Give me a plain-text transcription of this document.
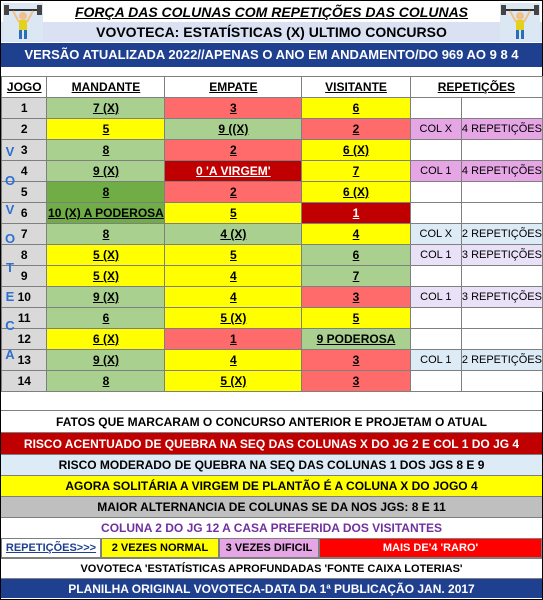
FORÇA DAS COLUNAS COM REPETIÇÕES DAS COLUNAS
VOVOTECA: ESTATÍSTICAS (X) ULTIMO CONCURSO
VERSÃO ATUALIZADA 2022//APENAS O ANO EM ANDAMENTO/DO 969 AO 9 8 4
JOGO	MANDANTE	EMPATE	VISITANTE	REPETIÇÕES	
1	7 (X)	3	6		
2	5	9 ((X)	2	COL X	4 REPETIÇÕES
3	8	2	6 (X)		
4	9 (X)	0 'A VIRGEM'	7	COL 1	4 REPETIÇÕES
5	8	2	6 (X)		
6	10 (X) A PODEROSA	5	1		
7	8	4 (X)	4	COL X	2 REPETIÇÕES
8	5 (X)	5	6	COL 1	3 REPETIÇÕES
9	5 (X)	4	7		
10	9 (X)	4	3	COL 1	3 REPETIÇÕES
11	6	5 (X)	5		
12	6 (X)	1	9 PODEROSA		
13	9 (X)	4	3	COL 1	2 REPETIÇÕES
14	8	5 (X)	3		
V
O
V
O
T
E
C
A
FATOS QUE MARCARAM O CONCURSO ANTERIOR E PROJETAM O ATUAL
RISCO ACENTUADO DE QUEBRA NA SEQ DAS COLUNAS X DO JG 2 E COL 1 DO JG 4
RISCO MODERADO DE QUEBRA NA SEQ DAS COLUNAS 1 DOS JGS 8 E 9
AGORA SOLITÁRIA A VIRGEM DE PLANTÃO É A COLUNA X DO JOGO 4
MAIOR ALTERNANCIA DE COLUNAS SE DA NOS JGS: 8 E 11
COLUNA 2 DO JG 12 A CASA PREFERIDA DOS VISITANTES
REPETIÇÕES>>>	2 VEZES NORMAL	3 VEZES DIFICIL	MAIS DE'4 'RARO'
VOVOTECA 'ESTATÍSTICAS APROFUNDADAS 'FONTE CAIXA LOTERIAS'
PLANILHA ORIGINAL VOVOTECA-DATA DA 1ª PUBLICAÇÃO JAN. 2017
